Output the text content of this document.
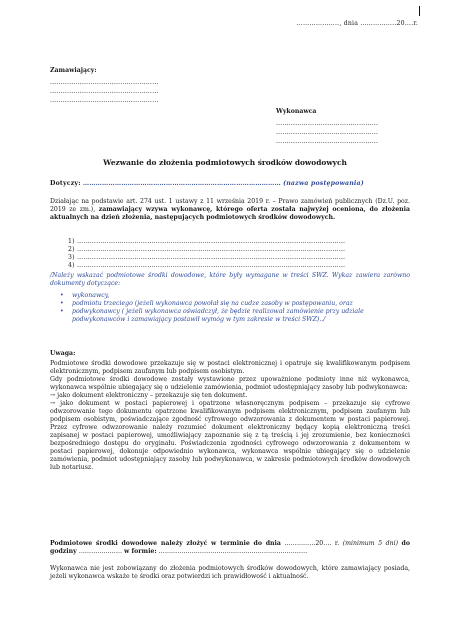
……………….., dnia ……………..20….r.
Zamawiający:
……………………………………………
……………………………………………
……………………………………………
Wykonawca
…………………………………………
…………………………………………
…………………………………………
Wezwanie do złożenia podmiotowych środków dowodowych
Dotyczy: ………………………………………………………………………………… (nazwa postępowania)
Działając na podstawie art. 274 ust. 1 ustawy z 11 września 2019 r. – Prawo zamówień publicznych (Dz.U. poz. 2019 ze zm.), zamawiający wzywa wykonawcę, którego oferta została najwyżej oceniona, do złożenia aktualnych na dzień złożenia, następujących podmiotowych środków dowodowych.
1) ………………………………………………………………………………………………………………
2) ………………………………………………………………………………………………………………
3) ………………………………………………………………………………………………………………
4) ………………………………………………………………………………………………………………
/Należy wskazać podmiotowe środki dowodowe, które były wymagane w treści SWZ. Wykaz zawiera zarówno dokumenty dotyczące:
• wykonawcy,
• podmiotu trzeciego (jeżeli wykonawca powołał się na cudze zasoby w postępowaniu, oraz
• podwykonawcy ( jeżeli wykonawca oświadczył, że będzie realizował zamówienie przy udziale podwykonawców i zamawiający postawił wymóg w tym zakresie w treści SWZ)../
Uwaga:
Podmiotowe środki dowodowe przekazuje się w postaci elektronicznej i opatruje się kwalifikowanym podpisem elektronicznym, podpisem zaufanym lub podpisem osobistym.
Gdy podmiotowe środki dowodowe zostały wystawione przez upoważnione podmioty inne niż wykonawca, wykonawca wspólnie ubiegający się o udzielenie zamówienia, podmiot udostępniający zasoby lub podwykonawca:
→ jako dokument elektroniczny – przekazuje się ten dokument.
→ jako dokument w postaci papierowej i opatrzone własnoręcznym podpisem – przekazuje się cyfrowe odwzorowanie tego dokumentu opatrzone kwalifikowanym podpisem elektronicznym, podpisem zaufanym lub podpisem osobistym, poświadczające zgodność cyfrowego odwzorowania z dokumentem w postaci papierowej. Przez cyfrowe odwzorowanie należy rozumieć dokument elektroniczny będący kopią elektroniczną treści zapisanej w postaci papierowej, umożliwiający zapoznanie się z tą treścią i jej zrozumienie, bez konieczności bezpośredniego dostępu do oryginału. Poświadczenia zgodności cyfrowego odwzorowania z dokumentem w postaci papierowej, dokonuje odpowiednio wykonawca, wykonawca wspólnie ubiegający się o udzielenie zamówienia, podmiot udostępniający zasoby lub podwykonawca, w zakresie podmiotowych środków dowodowych lub notariusz.
Podmiotowe środki dowodowe należy złożyć w terminie do dnia ……………20…. r. (minimum 5 dni) do godziny ………………… w formie: ………………………………………………………………
Wykonawca nie jest zobowiązany do złożenia podmiotowych środków dowodowych, które zamawiający posiada, jeżeli wykonawca wskaże te środki oraz potwierdzi ich prawidłowość i aktualność.
